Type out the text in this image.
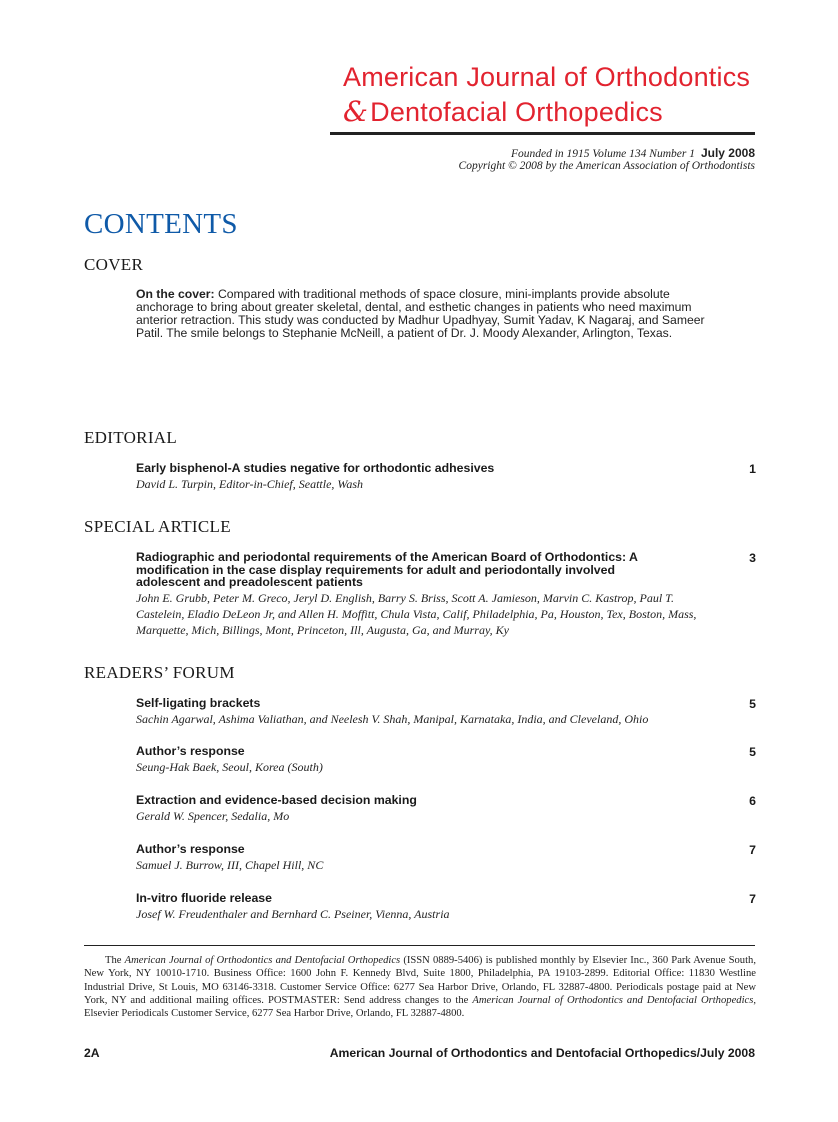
American Journal of Orthodontics
&Dentofacial Orthopedics
Founded in 1915 Volume 134 Number 1 July 2008
Copyright © 2008 by the American Association of Orthodontists
CONTENTS
COVER
On the cover: Compared with traditional methods of space closure, mini-implants provide absolute anchorage to bring about greater skeletal, dental, and esthetic changes in patients who need maximum anterior retraction. This study was conducted by Madhur Upadhyay, Sumit Yadav, K Nagaraj, and Sameer Patil. The smile belongs to Stephanie McNeill, a patient of Dr. J. Moody Alexander, Arlington, Texas.
EDITORIAL
Early bisphenol-A studies negative for orthodontic adhesives
David L. Turpin, Editor-in-Chief, Seattle, Wash
1
SPECIAL ARTICLE
Radiographic and periodontal requirements of the American Board of Orthodontics: A modification in the case display requirements for adult and periodontally involved adolescent and preadolescent patients
John E. Grubb, Peter M. Greco, Jeryl D. English, Barry S. Briss, Scott A. Jamieson, Marvin C. Kastrop, Paul T. Castelein, Eladio DeLeon Jr, and Allen H. Moffitt, Chula Vista, Calif, Philadelphia, Pa, Houston, Tex, Boston, Mass, Marquette, Mich, Billings, Mont, Princeton, Ill, Augusta, Ga, and Murray, Ky
3
READERS’ FORUM
Self-ligating brackets
Sachin Agarwal, Ashima Valiathan, and Neelesh V. Shah, Manipal, Karnataka, India, and Cleveland, Ohio
5
Author’s response
Seung-Hak Baek, Seoul, Korea (South)
5
Extraction and evidence-based decision making
Gerald W. Spencer, Sedalia, Mo
6
Author’s response
Samuel J. Burrow, III, Chapel Hill, NC
7
In-vitro fluoride release
Josef W. Freudenthaler and Bernhard C. Pseiner, Vienna, Austria
7
The American Journal of Orthodontics and Dentofacial Orthopedics (ISSN 0889-5406) is published monthly by Elsevier Inc., 360 Park Avenue South, New York, NY 10010-1710. Business Office: 1600 John F. Kennedy Blvd, Suite 1800, Philadelphia, PA 19103-2899. Editorial Office: 11830 Westline Industrial Drive, St Louis, MO 63146-3318. Customer Service Office: 6277 Sea Harbor Drive, Orlando, FL 32887-4800. Periodicals postage paid at New York, NY and additional mailing offices. POSTMASTER: Send address changes to the American Journal of Orthodontics and Dentofacial Orthopedics, Elsevier Periodicals Customer Service, 6277 Sea Harbor Drive, Orlando, FL 32887-4800.
2A	American Journal of Orthodontics and Dentofacial Orthopedics/July 2008
